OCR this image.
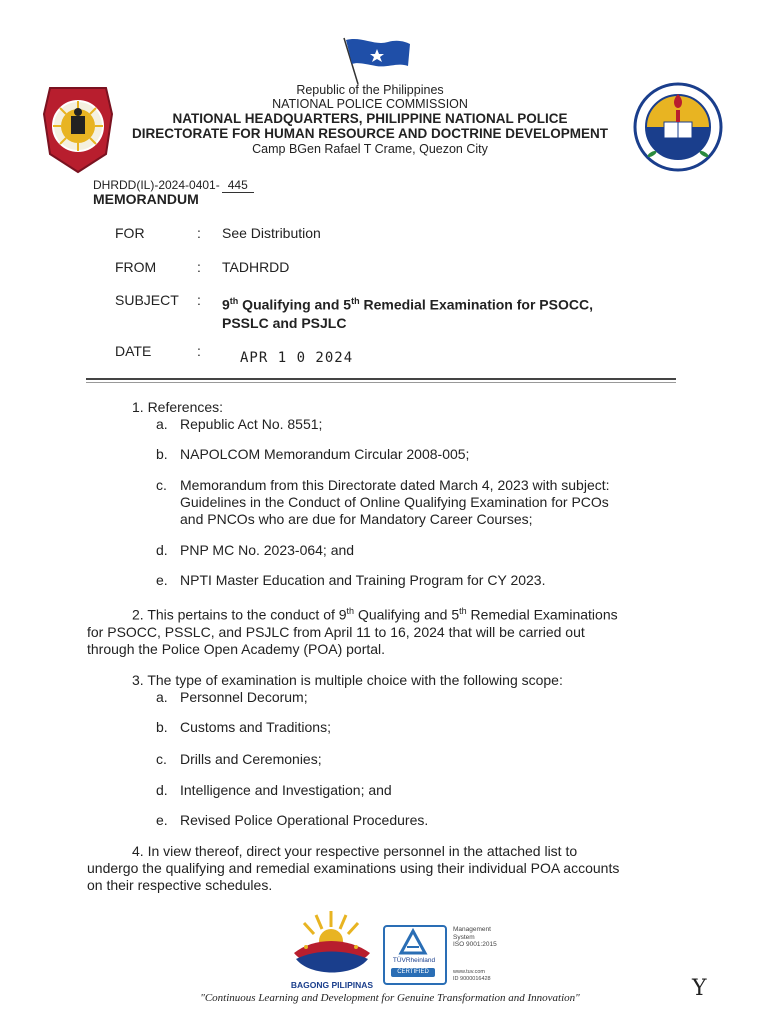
Republic of the Philippines
NATIONAL POLICE COMMISSION
NATIONAL HEADQUARTERS, PHILIPPINE NATIONAL POLICE
DIRECTORATE FOR HUMAN RESOURCE AND DOCTRINE DEVELOPMENT
Camp BGen Rafael T Crame, Quezon City
DHRDD(IL)-2024-0401- 445
MEMORANDUM
FOR	: See Distribution
FROM	: TADHRDD
SUBJECT : 9th Qualifying and 5th Remedial Examination for PSOCC,
PSSLC and PSJLC
DATE	:	APR 1 0 2024
1. References:
a. Republic Act No. 8551;
b. NAPOLCOM Memorandum Circular 2008-005;
c. Memorandum from this Directorate dated March 4, 2023 with subject:
Guidelines in the Conduct of Online Qualifying Examination for PCOs
and PNCOs who are due for Mandatory Career Courses;
d. PNP MC No. 2023-064; and
e. NPTI Master Education and Training Program for CY 2023.
2. This pertains to the conduct of 9th Qualifying and 5th Remedial Examinations
for PSOCC, PSSLC, and PSJLC from April 11 to 16, 2024 that will be carried out
through the Police Open Academy (POA) portal.
3. The type of examination is multiple choice with the following scope:
a. Personnel Decorum;
b. Customs and Traditions;
c. Drills and Ceremonies;
d. Intelligence and Investigation; and
e. Revised Police Operational Procedures.
4. In view thereof, direct your respective personnel in the attached list to
undergo the qualifying and remedial examinations using their individual POA accounts
on their respective schedules.
BAGONG PILIPINAS
TÜVRheinland
CERTIFIED
Management
System
ISO 9001:2015
www.tuv.com
ID 9000016428
"Continuous Learning and Development for Genuine Transformation and Innovation"	Y
